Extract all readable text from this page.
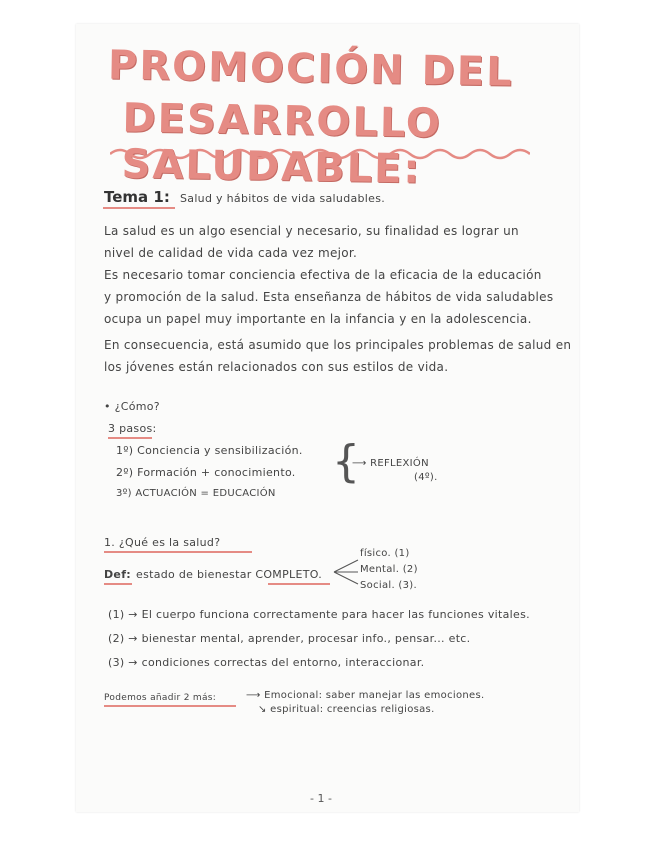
PROMOCIÓN DEL
DESARROLLO SALUDABLE:
Tema 1: Salud y hábitos de vida saludables.
La salud es un algo esencial y necesario, su finalidad es lograr un
nivel de calidad de vida cada vez mejor.
Es necesario tomar conciencia efectiva de la eficacia de la educación
y promoción de la salud. Esta enseñanza de hábitos de vida saludables
ocupa un papel muy importante en la infancia y en la adolescencia.
En consecuencia, está asumido que los principales problemas de salud en
los jóvenes están relacionados con sus estilos de vida.
• ¿Cómo?
3 pasos:
1º) Conciencia y sensibilización.
2º) Formación + conocimiento.
3º) ACTUACIÓN = EDUCACIÓN
{
⟶ REFLEXIÓN
(4º).
1. ¿Qué es la salud?
Def: estado de bienestar COMPLETO.
físico. (1)
Mental. (2)
Social. (3).
(1) → El cuerpo funciona correctamente para hacer las funciones vitales.
(2) → bienestar mental, aprender, procesar info., pensar... etc.
(3) → condiciones correctas del entorno, interaccionar.
Podemos añadir 2 más:	⟶ Emocional: saber manejar las emociones.
↘ espiritual: creencias religiosas.
- 1 -
